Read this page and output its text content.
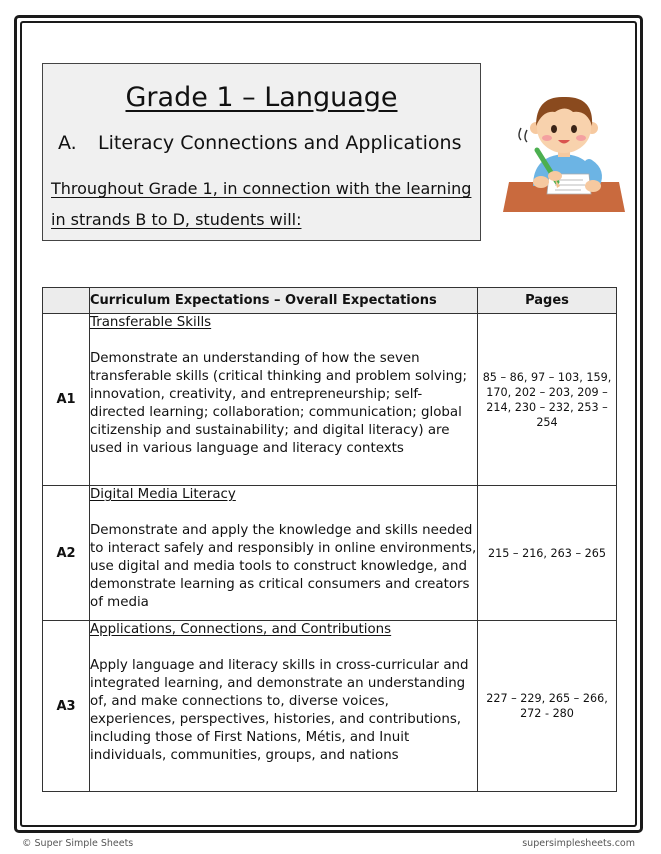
Grade 1 – Language
A. Literacy Connections and Applications
Throughout Grade 1, in connection with the learning
in strands B to D, students will:
	Curriculum Expectations – Overall Expectations	Pages
A1	Transferable Skills
Demonstrate an understanding of how the seven transferable skills (critical thinking and problem solving; innovation, creativity, and entrepreneurship; self-directed learning; collaboration; communication; global citizenship and sustainability; and digital literacy) are used in various language and literacy contexts	85 – 86, 97 – 103, 159, 170, 202 – 203, 209 – 214, 230 – 232, 253 – 254
A2	Digital Media Literacy
Demonstrate and apply the knowledge and skills needed to interact safely and responsibly in online environments, use digital and media tools to construct knowledge, and demonstrate learning as critical consumers and creators of media	215 – 216, 263 – 265
A3	Applications, Connections, and Contributions
Apply language and literacy skills in cross-curricular and integrated learning, and demonstrate an understanding of, and make connections to, diverse voices, experiences, perspectives, histories, and contributions, including those of First Nations, Métis, and Inuit individuals, communities, groups, and nations	227 – 229, 265 – 266, 272 - 280
© Super Simple Sheets	supersimplesheets.com
